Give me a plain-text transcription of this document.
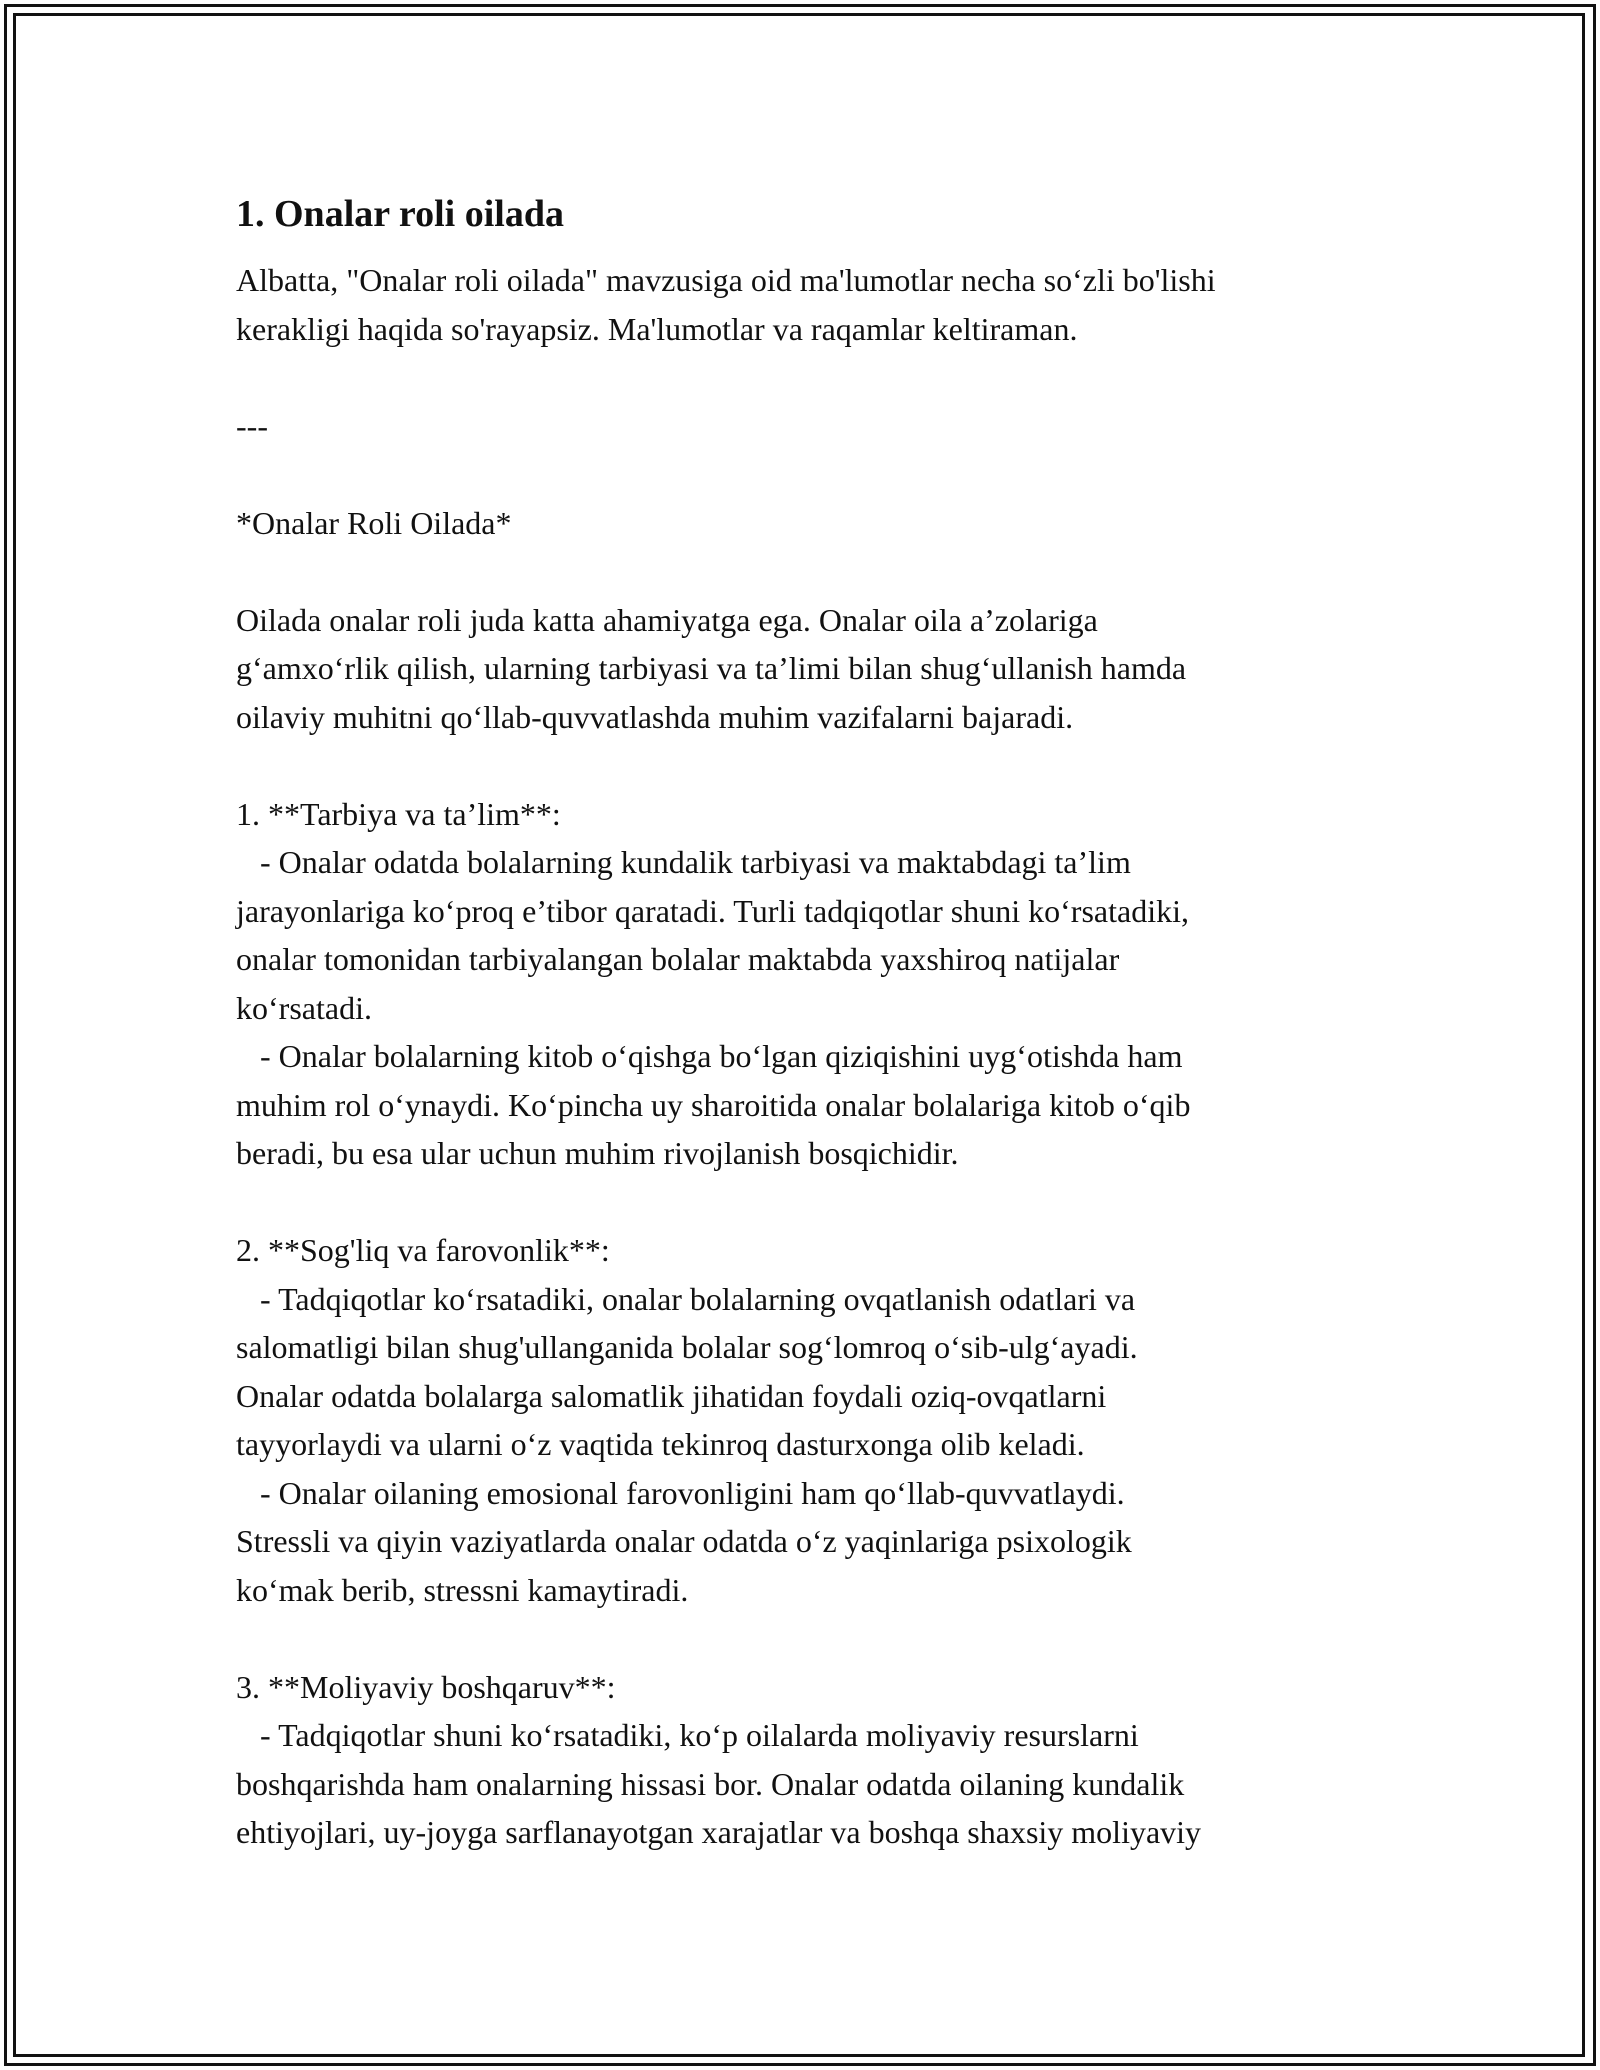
1. Onalar roli oilada

Albatta, "Onalar roli oilada" mavzusiga oid ma'lumotlar necha so‘zli bo'lishi
kerakligi haqida so'rayapsiz. Ma'lumotlar va raqamlar keltiraman.

---

*Onalar Roli Oilada*

Oilada onalar roli juda katta ahamiyatga ega. Onalar oila a’zolariga
g‘amxo‘rlik qilish, ularning tarbiyasi va ta’limi bilan shug‘ullanish hamda
oilaviy muhitni qo‘llab-quvvatlashda muhim vazifalarni bajaradi.

1. **Tarbiya va ta’lim**:
- Onalar odatda bolalarning kundalik tarbiyasi va maktabdagi ta’lim
jarayonlariga ko‘proq e’tibor qaratadi. Turli tadqiqotlar shuni ko‘rsatadiki,
onalar tomonidan tarbiyalangan bolalar maktabda yaxshiroq natijalar
ko‘rsatadi.
- Onalar bolalarning kitob o‘qishga bo‘lgan qiziqishini uyg‘otishda ham
muhim rol o‘ynaydi. Ko‘pincha uy sharoitida onalar bolalariga kitob o‘qib
beradi, bu esa ular uchun muhim rivojlanish bosqichidir.

2. **Sog'liq va farovonlik**:
- Tadqiqotlar ko‘rsatadiki, onalar bolalarning ovqatlanish odatlari va
salomatligi bilan shug'ullanganida bolalar sog‘lomroq o‘sib-ulg‘ayadi.
Onalar odatda bolalarga salomatlik jihatidan foydali oziq-ovqatlarni
tayyorlaydi va ularni o‘z vaqtida tekinroq dasturxonga olib keladi.
- Onalar oilaning emosional farovonligini ham qo‘llab-quvvatlaydi.
Stressli va qiyin vaziyatlarda onalar odatda o‘z yaqinlariga psixologik
ko‘mak berib, stressni kamaytiradi.

3. **Moliyaviy boshqaruv**:
- Tadqiqotlar shuni ko‘rsatadiki, ko‘p oilalarda moliyaviy resurslarni
boshqarishda ham onalarning hissasi bor. Onalar odatda oilaning kundalik
ehtiyojlari, uy-joyga sarflanayotgan xarajatlar va boshqa shaxsiy moliyaviy
